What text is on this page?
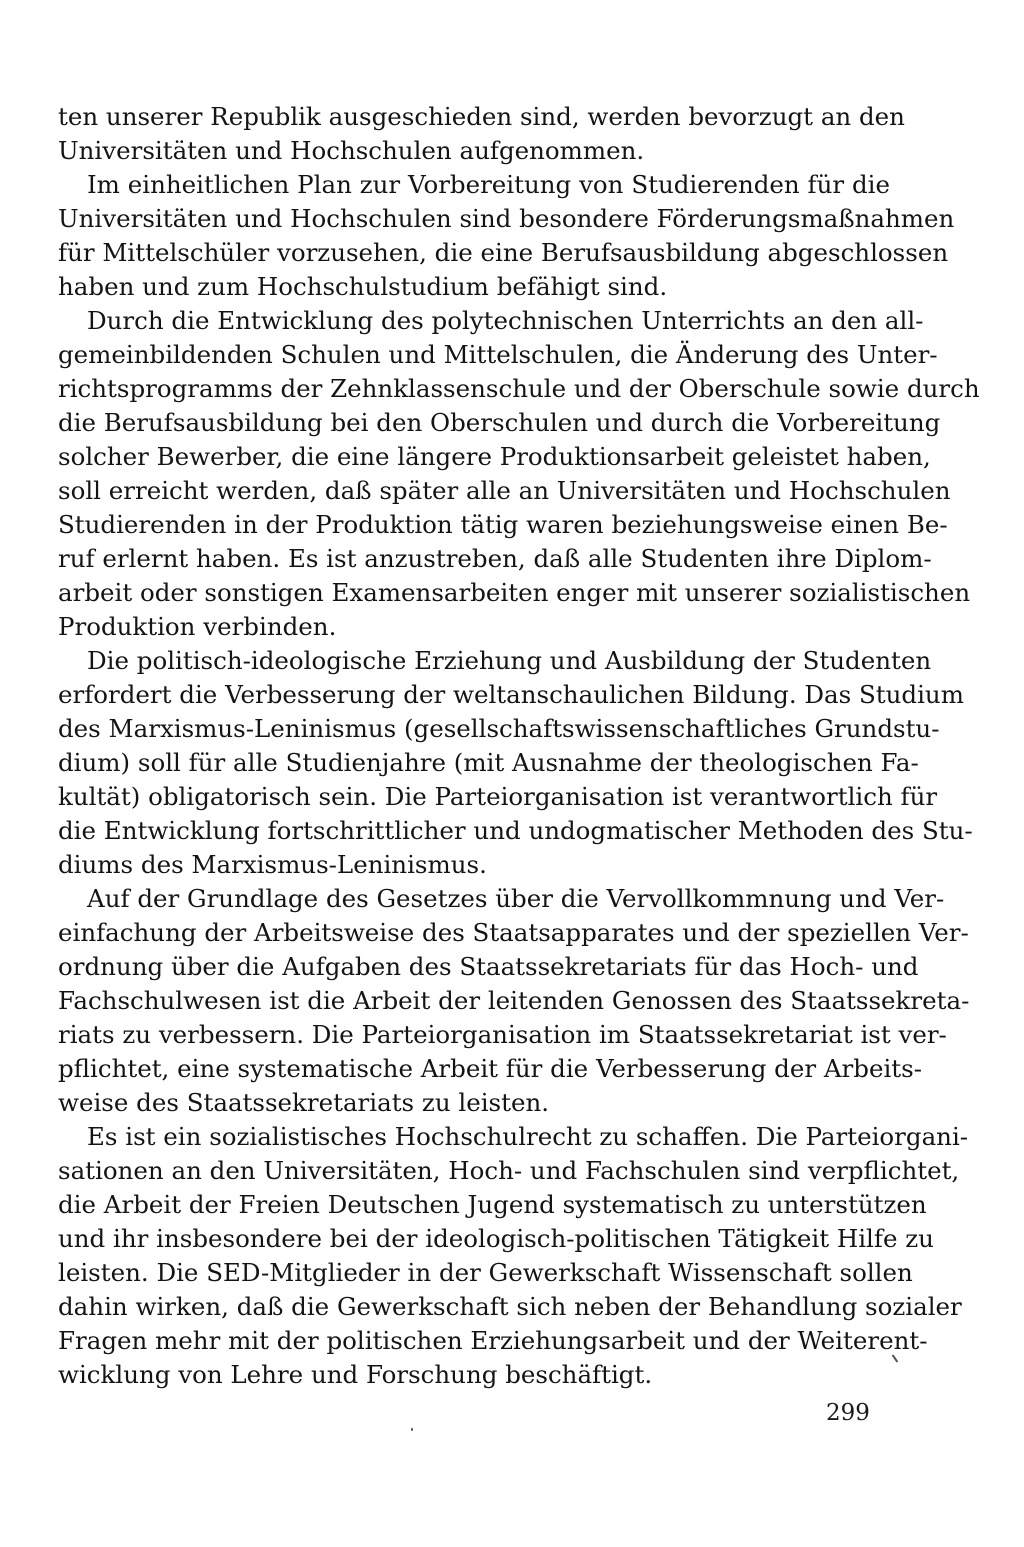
ten unserer Republik ausgeschieden sind, werden bevorzugt an den
Universitäten und Hochschulen aufgenommen.
Im einheitlichen Plan zur Vorbereitung von Studierenden für die
Universitäten und Hochschulen sind besondere Förderungsmaßnahmen
für Mittelschüler vorzusehen, die eine Berufsausbildung abgeschlossen
haben und zum Hochschulstudium befähigt sind.
Durch die Entwicklung des polytechnischen Unterrichts an den all-
gemeinbildenden Schulen und Mittelschulen, die Änderung des Unter-
richtsprogramms der Zehnklassenschule und der Oberschule sowie durch
die Berufsausbildung bei den Oberschulen und durch die Vorbereitung
solcher Bewerber, die eine längere Produktionsarbeit geleistet haben,
soll erreicht werden, daß später alle an Universitäten und Hochschulen
Studierenden in der Produktion tätig waren beziehungsweise einen Be-
ruf erlernt haben. Es ist anzustreben, daß alle Studenten ihre Diplom-
arbeit oder sonstigen Examensarbeiten enger mit unserer sozialistischen
Produktion verbinden.
Die politisch-ideologische Erziehung und Ausbildung der Studenten
erfordert die Verbesserung der weltanschaulichen Bildung. Das Studium
des Marxismus-Leninismus (gesellschaftswissenschaftliches Grundstu-
dium) soll für alle Studienjahre (mit Ausnahme der theologischen Fa-
kultät) obligatorisch sein. Die Parteiorganisation ist verantwortlich für
die Entwicklung fortschrittlicher und undogmatischer Methoden des Stu-
diums des Marxismus-Leninismus.
Auf der Grundlage des Gesetzes über die Vervollkommnung und Ver-
einfachung der Arbeitsweise des Staatsapparates und der speziellen Ver-
ordnung über die Aufgaben des Staatssekretariats für das Hoch- und
Fachschulwesen ist die Arbeit der leitenden Genossen des Staatssekreta-
riats zu verbessern. Die Parteiorganisation im Staatssekretariat ist ver-
pflichtet, eine systematische Arbeit für die Verbesserung der Arbeits-
weise des Staatssekretariats zu leisten.
Es ist ein sozialistisches Hochschulrecht zu schaffen. Die Parteiorgani-
sationen an den Universitäten, Hoch- und Fachschulen sind verpflichtet,
die Arbeit der Freien Deutschen Jugend systematisch zu unterstützen
und ihr insbesondere bei der ideologisch-politischen Tätigkeit Hilfe zu
leisten. Die SED-Mitglieder in der Gewerkschaft Wissenschaft sollen
dahin wirken, daß die Gewerkschaft sich neben der Behandlung sozialer
Fragen mehr mit der politischen Erziehungsarbeit und der Weiterent-
wicklung von Lehre und Forschung beschäftigt.
299
